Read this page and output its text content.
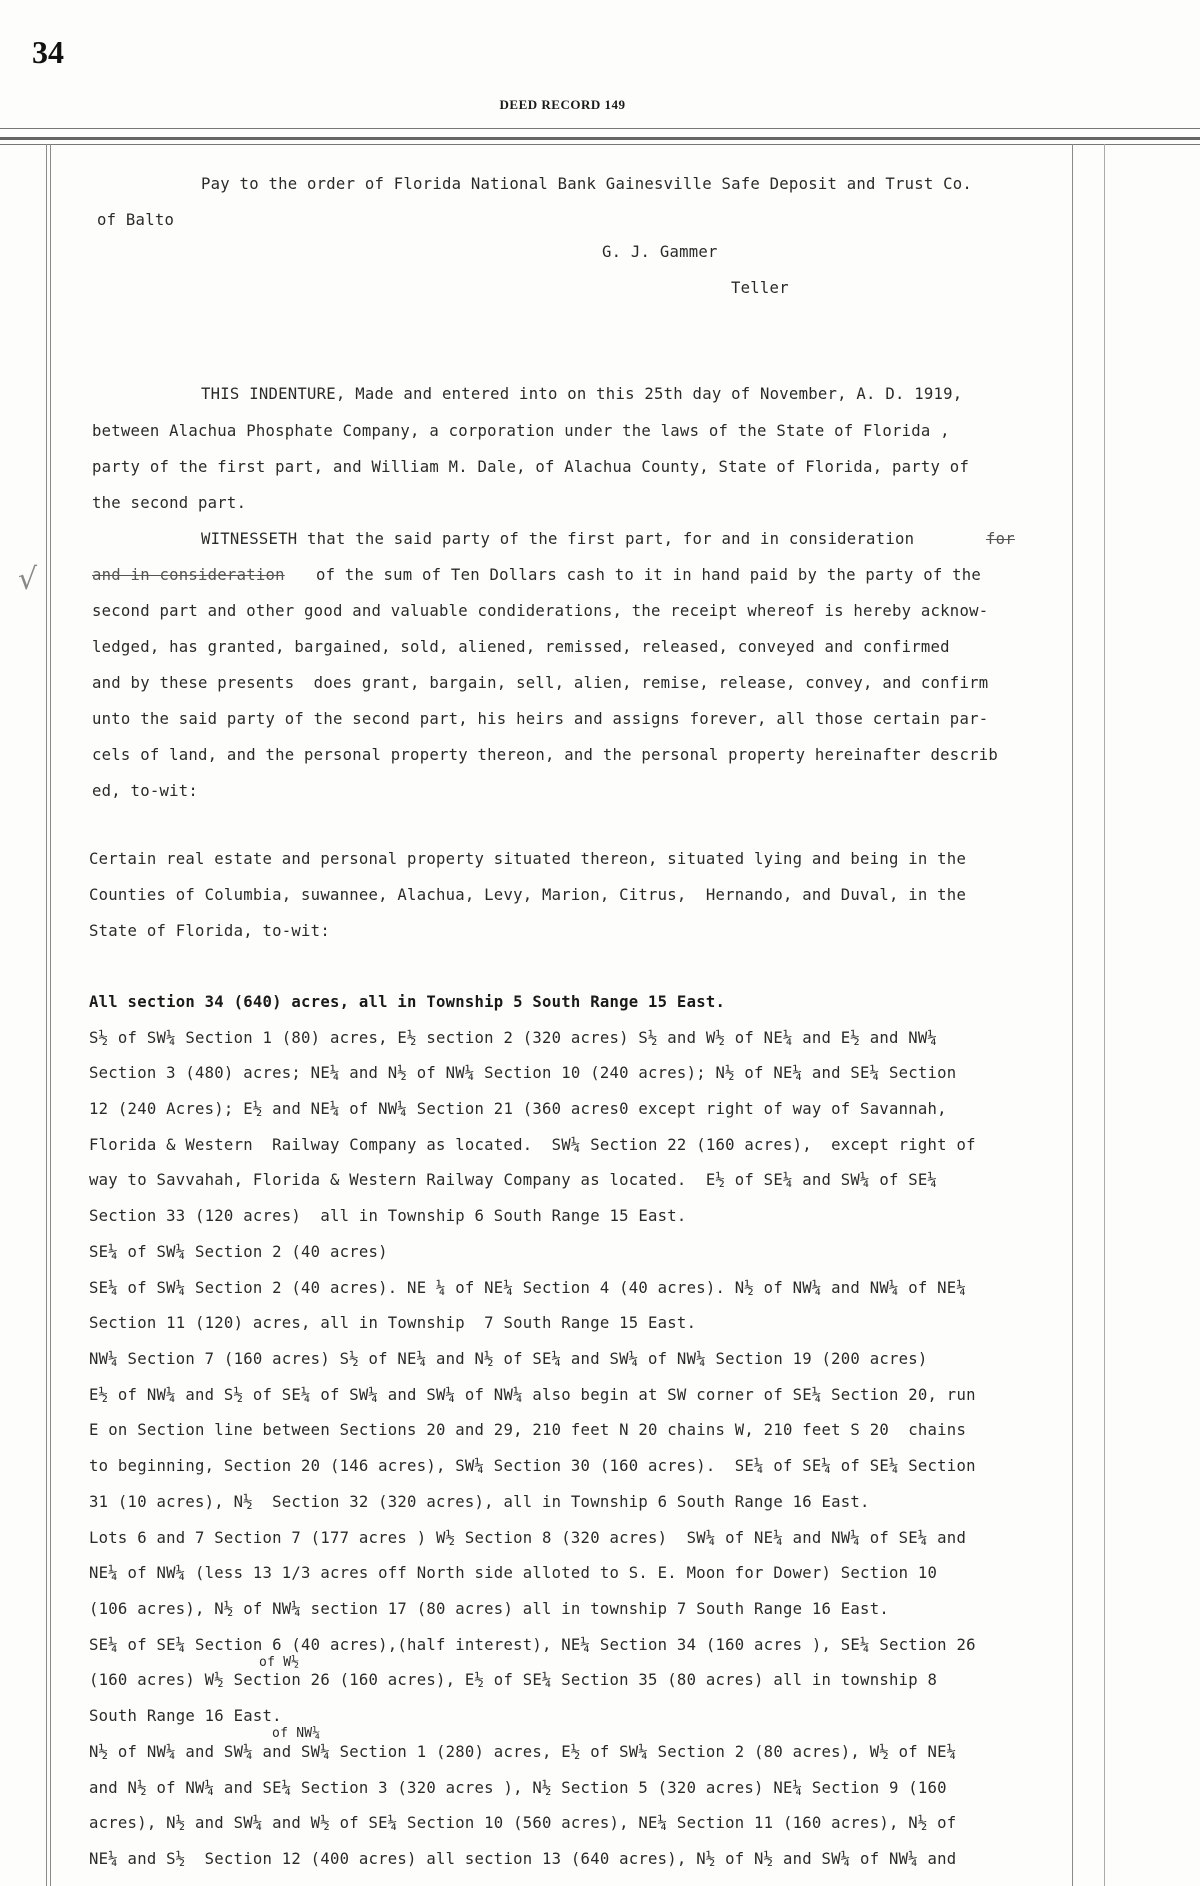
34
DEED RECORD 149
√
Pay to the order of Florida National Bank Gainesville Safe Deposit and Trust Co.
of Balto
G. J. Gammer
Teller
THIS INDENTURE, Made and entered into on this 25th day of November, A. D. 1919,
between Alachua Phosphate Company, a corporation under the laws of the State of Florida ,
party of the first part, and William M. Dale, of Alachua County, State of Florida, party of
the second part.
WITNESSETH that the said party of the first part, for and in consideration	for
and in consideration of the sum of Ten Dollars cash to it in hand paid by the party of the
second part and other good and valuable condiderations, the receipt whereof is hereby acknow-
ledged, has granted, bargained, sold, aliened, remissed, released, conveyed and confirmed
and by these presents  does grant, bargain, sell, alien, remise, release, convey, and confirm
unto the said party of the second part, his heirs and assigns forever, all those certain par-
cels of land, and the personal property thereon, and the personal property hereinafter describ
ed, to-wit:
Certain real estate and personal property situated thereon, situated lying and being in the
Counties of Columbia, suwannee, Alachua, Levy, Marion, Citrus,  Hernando, and Duval, in the
State of Florida, to-wit:
All section 34 (640) acres, all in Township 5 South Range 15 East.
S½ of SW¼ Section 1 (80) acres, E½ section 2 (320 acres) S½ and W½ of NE¼ and E½ and NW¼
Section 3 (480) acres; NE¼ and N½ of NW¼ Section 10 (240 acres); N½ of NE¼ and SE¼ Section
12 (240 Acres); E½ and NE¼ of NW¼ Section 21 (360 acres0 except right of way of Savannah,
Florida & Western  Railway Company as located.  SW¼ Section 22 (160 acres),  except right of
way to Savvahah, Florida & Western Railway Company as located.  E½ of SE¼ and SW¼ of SE¼
Section 33 (120 acres)  all in Township 6 South Range 15 East.
SE¼ of SW¼ Section 2 (40 acres)
SE¼ of SW¼ Section 2 (40 acres). NE ¼ of NE¼ Section 4 (40 acres). N½ of NW¼ and NW¼ of NE¼
Section 11 (120) acres, all in Township  7 South Range 15 East.
NW¼ Section 7 (160 acres) S½ of NE¼ and N½ of SE¼ and SW¼ of NW¼ Section 19 (200 acres)
E½ of NW¼ and S½ of SE¼ of SW¼ and SW¼ of NW¼ also begin at SW corner of SE¼ Section 20, run
E on Section line between Sections 20 and 29, 210 feet N 20 chains W, 210 feet S 20  chains
to beginning, Section 20 (146 acres), SW¼ Section 30 (160 acres).  SE¼ of SE¼ of SE¼ Section
31 (10 acres), N½  Section 32 (320 acres), all in Township 6 South Range 16 East.
Lots 6 and 7 Section 7 (177 acres ) W½ Section 8 (320 acres)  SW¼ of NE¼ and NW¼ of SE¼ and
NE¼ of NW¼ (less 13 1/3 acres off North side alloted to S. E. Moon for Dower) Section 10
(106 acres), N½ of NW¼ section 17 (80 acres) all in township 7 South Range 16 East.
SE¼ of SE¼ Section 6 (40 acres),(half interest), NE¼ Section 34 (160 acres ), SE¼ Section 26
of W½
(160 acres) W½ Section 26 (160 acres), E½ of SE¼ Section 35 (80 acres) all in township 8
South Range 16 East.
of NW¼
N½ of NW¼ and SW¼ and SW¼ Section 1 (280) acres, E½ of SW¼ Section 2 (80 acres), W½ of NE¼
and N½ of NW¼ and SE¼ Section 3 (320 acres ), N½ Section 5 (320 acres) NE¼ Section 9 (160
acres), N½ and SW¼ and W½ of SE¼ Section 10 (560 acres), NE¼ Section 11 (160 acres), N½ of
NE¼ and S½  Section 12 (400 acres) all section 13 (640 acres), N½ of N½ and SW¼ of NW¼ and
